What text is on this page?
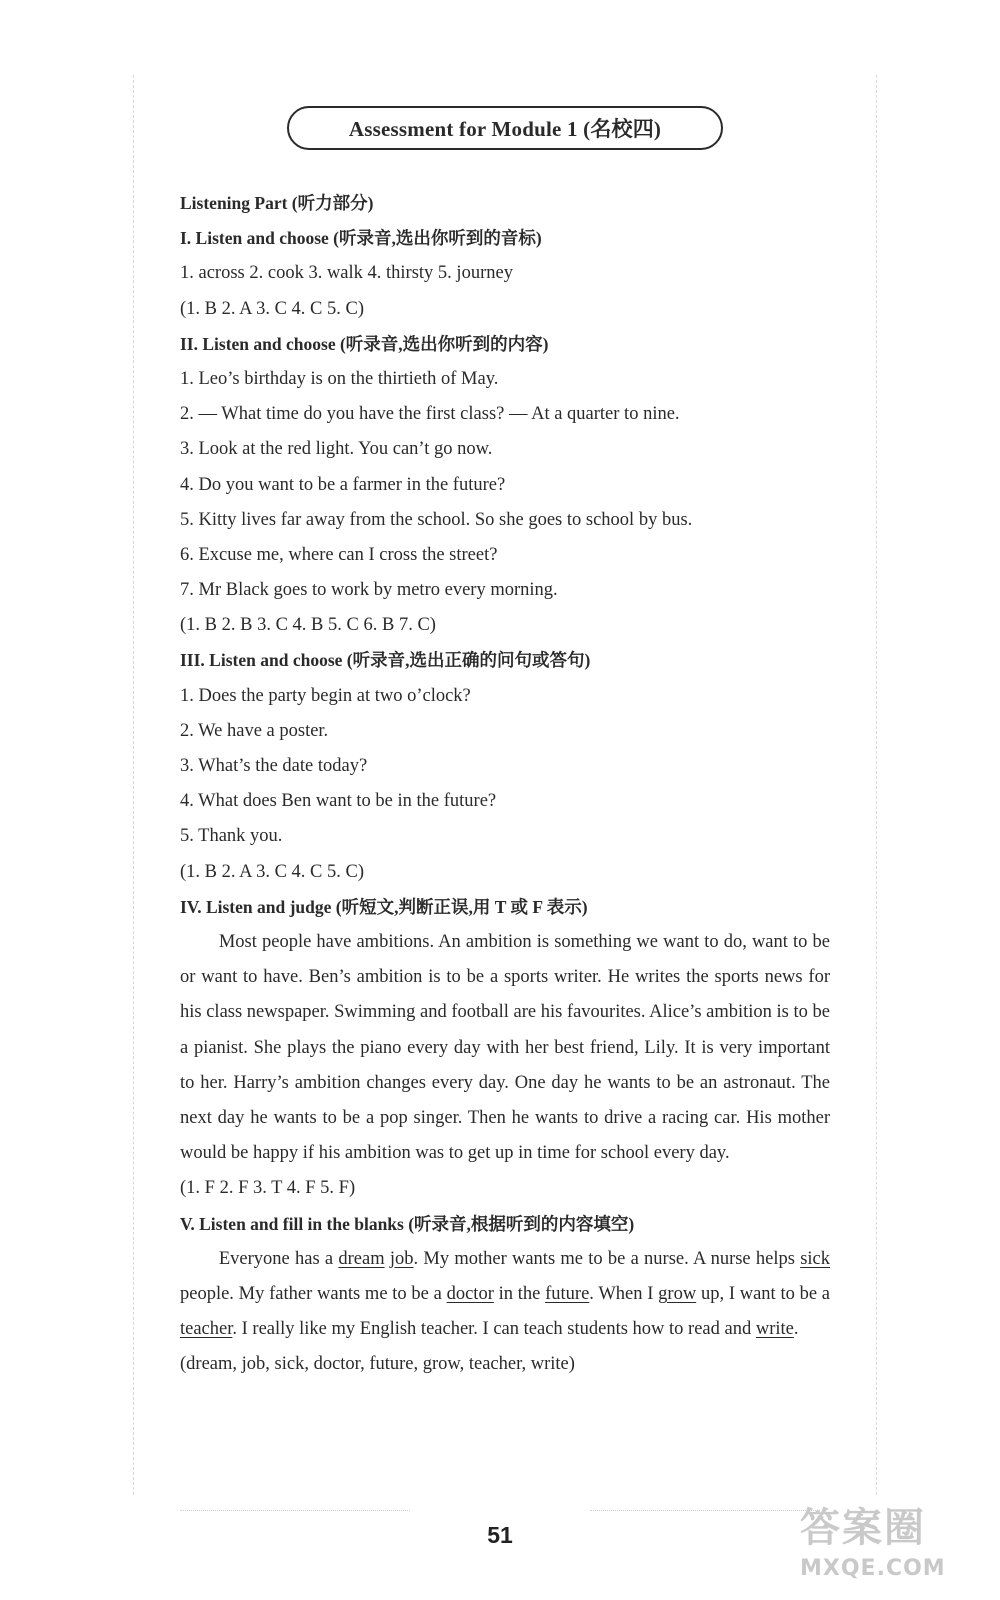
Assessment for Module 1 (名校四)
Listening Part (听力部分)
I. Listen and choose (听录音,选出你听到的音标)
1. across 2. cook 3. walk 4. thirsty 5. journey
(1. B 2. A 3. C 4. C 5. C)
II. Listen and choose (听录音,选出你听到的内容)
1. Leo’s birthday is on the thirtieth of May.
2. — What time do you have the first class? — At a quarter to nine.
3. Look at the red light. You can’t go now.
4. Do you want to be a farmer in the future?
5. Kitty lives far away from the school. So she goes to school by bus.
6. Excuse me, where can I cross the street?
7. Mr Black goes to work by metro every morning.
(1. B 2. B 3. C 4. B 5. C 6. B 7. C)
III. Listen and choose (听录音,选出正确的问句或答句)
1. Does the party begin at two o’clock?
2. We have a poster.
3. What’s the date today?
4. What does Ben want to be in the future?
5. Thank you.
(1. B 2. A 3. C 4. C 5. C)
IV. Listen and judge (听短文,判断正误,用 T 或 F 表示)

Most people have ambitions. An ambition is something we want to do, want to be or want to have. Ben’s ambition is to be a sports writer. He writes the sports news for his class newspaper. Swimming and football are his favourites. Alice’s ambition is to be a pianist. She plays the piano every day with her best friend, Lily. It is very important to her. Harry’s ambition changes every day. One day he wants to be an astronaut. The next day he wants to be a pop singer. Then he wants to drive a racing car. His mother would be happy if his ambition was to get up in time for school every day.

(1. F 2. F 3. T 4. F 5. F)
V. Listen and fill in the blanks (听录音,根据听到的内容填空)

Everyone has a dream job. My mother wants me to be a nurse. A nurse helps sick people. My father wants me to be a doctor in the future. When I grow up, I want to be a teacher. I really like my English teacher. I can teach students how to read and write.

(dream, job, sick, doctor, future, grow, teacher, write)
51	答案圈
MXQE.COM
